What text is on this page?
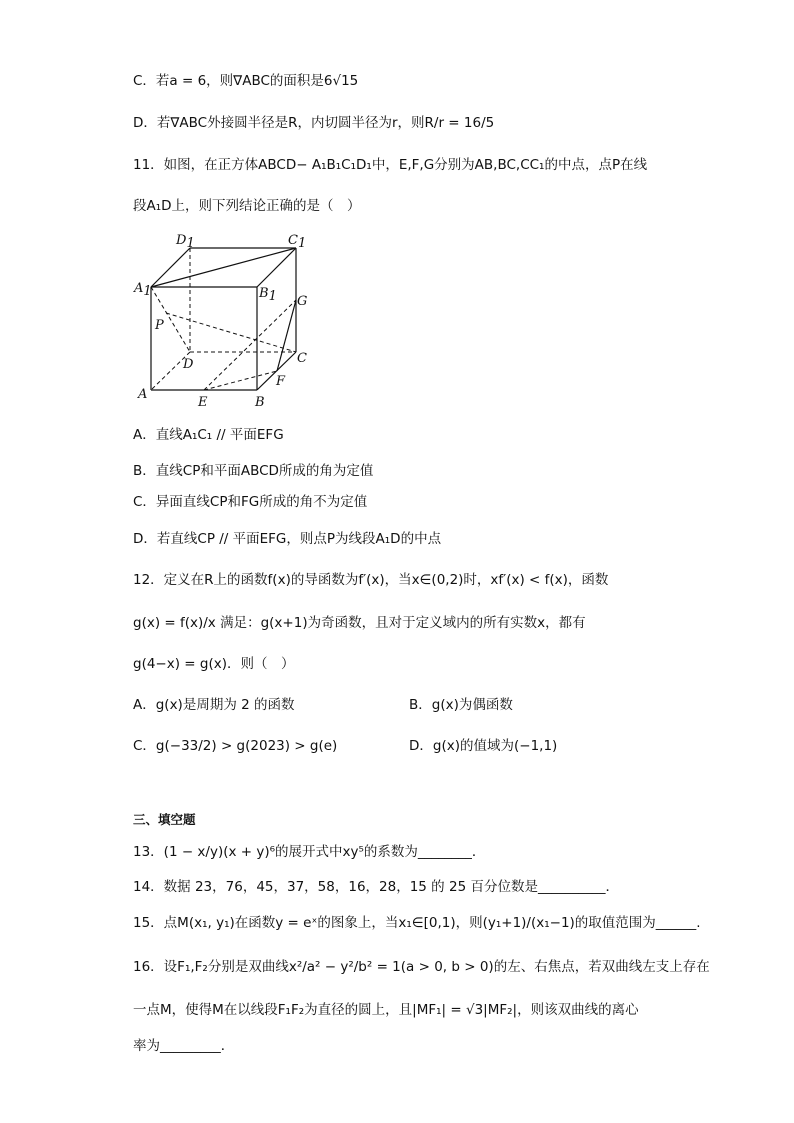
C．若a = 6，则∇ABC的面积是6√15
D．若∇ABC外接圆半径是R，内切圆半径为r，则R/r = 16/5
11．如图，在正方体ABCD− A₁B₁C₁D₁中，E,F,G分别为AB,BC,CC₁的中点，点P在线
段A₁D上，则下列结论正确的是（　）
D1	C1
A1	B1 G
P
D	C
F
A
E	B
A．直线A₁C₁ // 平面EFG
B．直线CP和平面ABCD所成的角为定值
C．异面直线CP和FG所成的角不为定值
D．若直线CP // 平面EFG，则点P为线段A₁D的中点
12．定义在R上的函数f(x)的导函数为f′(x)，当x∈(0,2)时，xf′(x) < f(x)，函数
g(x) = f(x)/x 满足：g(x+1)为奇函数，且对于定义域内的所有实数x，都有
g(4−x) = g(x)．则（　）
A．g(x)是周期为 2 的函数	B．g(x)为偶函数
C．g(−33/2) > g(2023) > g(e)	D．g(x)的值域为(−1,1)
三、填空题
13．(1 − x/y)(x + y)⁶的展开式中xy⁵的系数为________．
14．数据 23，76，45，37，58，16，28，15 的 25 百分位数是__________．
15．点M(x₁, y₁)在函数y = eˣ的图象上，当x₁∈[0,1)，则(y₁+1)/(x₁−1)的取值范围为______.
16．设F₁,F₂分别是双曲线x²/a² − y²/b² = 1(a > 0, b > 0)的左、右焦点，若双曲线左支上存在
一点M，使得M在以线段F₁F₂为直径的圆上，且|MF₁| = √3|MF₂|，则该双曲线的离心
率为_________．
